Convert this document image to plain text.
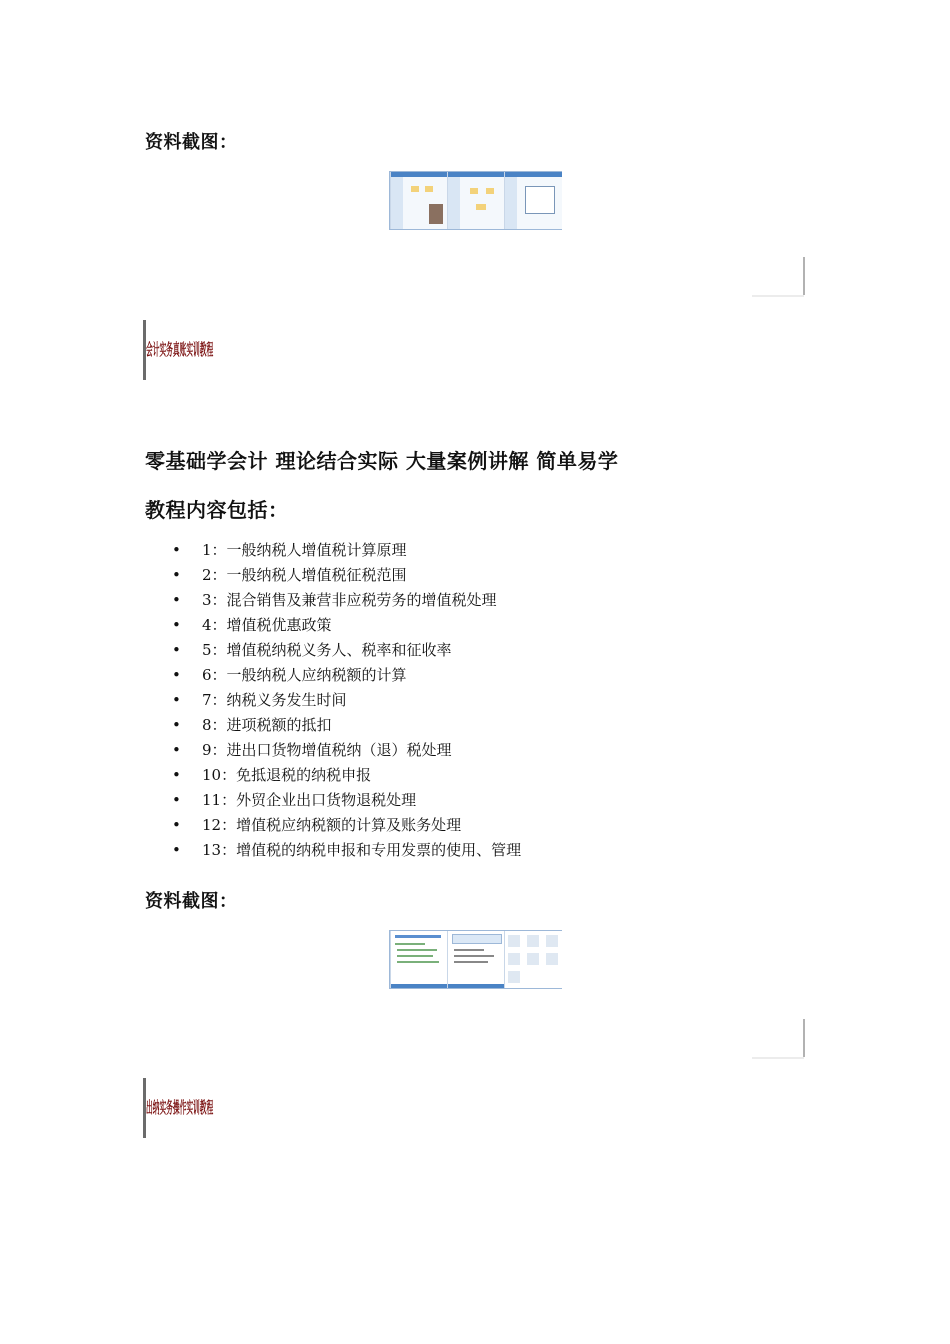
资料截图：
会计实务真账实训教程
零基础学会计 理论结合实际 大量案例讲解 简单易学
教程内容包括：
• 1：一般纳税人增值税计算原理
• 2：一般纳税人增值税征税范围
• 3：混合销售及兼营非应税劳务的增值税处理
• 4：增值税优惠政策
• 5：增值税纳税义务人、税率和征收率
• 6：一般纳税人应纳税额的计算
• 7：纳税义务发生时间
• 8：进项税额的抵扣
• 9：进出口货物增值税纳（退）税处理
• 10：免抵退税的纳税申报
• 11：外贸企业出口货物退税处理
• 12：增值税应纳税额的计算及账务处理
• 13：增值税的纳税申报和专用发票的使用、管理
资料截图：
出纳实务操作实训教程
